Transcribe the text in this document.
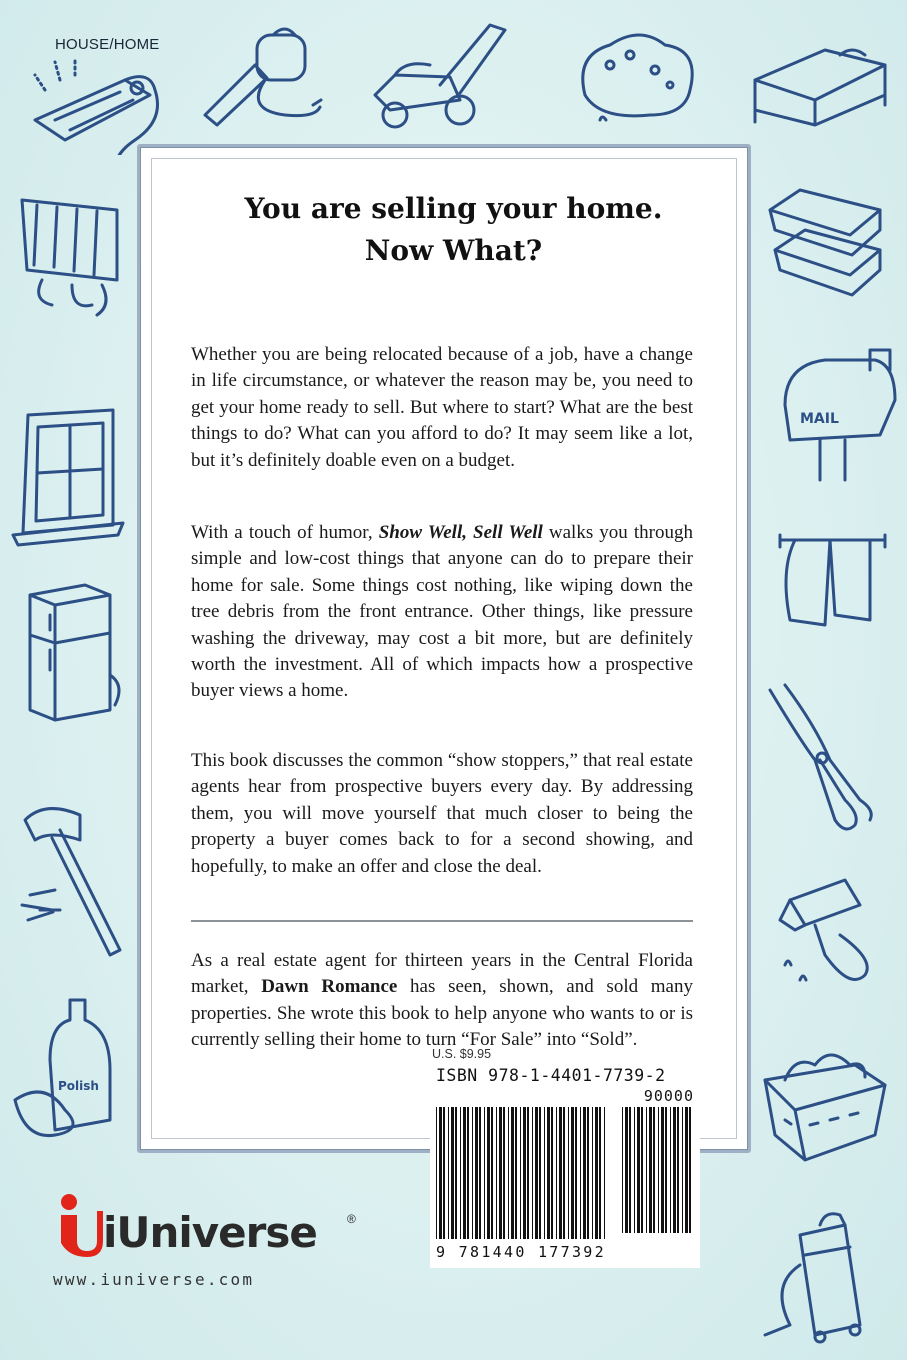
MAIL
Polish
HOUSE/HOME
You are selling your home.
Now What?

Whether you are being relocated because of a job, have a change in life circumstance, or whatever the reason may be, you need to get your home ready to sell. But where to start? What are the best things to do? What can you afford to do? It may seem like a lot, but it’s definitely doable even on a budget.

With a touch of humor, Show Well, Sell Well walks you through simple and low-cost things that anyone can do to prepare their home for sale. Some things cost nothing, like wiping down the tree debris from the front entrance. Other things, like pressure washing the driveway, may cost a bit more, but are definitely worth the investment. All of which impacts how a prospective buyer views a home.

This book discusses the common “show stoppers,” that real estate agents hear from prospective buyers every day. By addressing them, you will move yourself that much closer to being the property a buyer comes back to for a second showing, and hopefully, to make an offer and close the deal.

As a real estate agent for thirteen years in the Central Florida market, Dawn Romance has seen, shown, and sold many properties. She wrote this book to help anyone who wants to or is currently selling their home to turn “For Sale” into “Sold”.

U.S. $9.95
ISBN 978-1-4401-7739-2
90000
9 781440 177392
iUniverse	®
www.iuniverse.com
